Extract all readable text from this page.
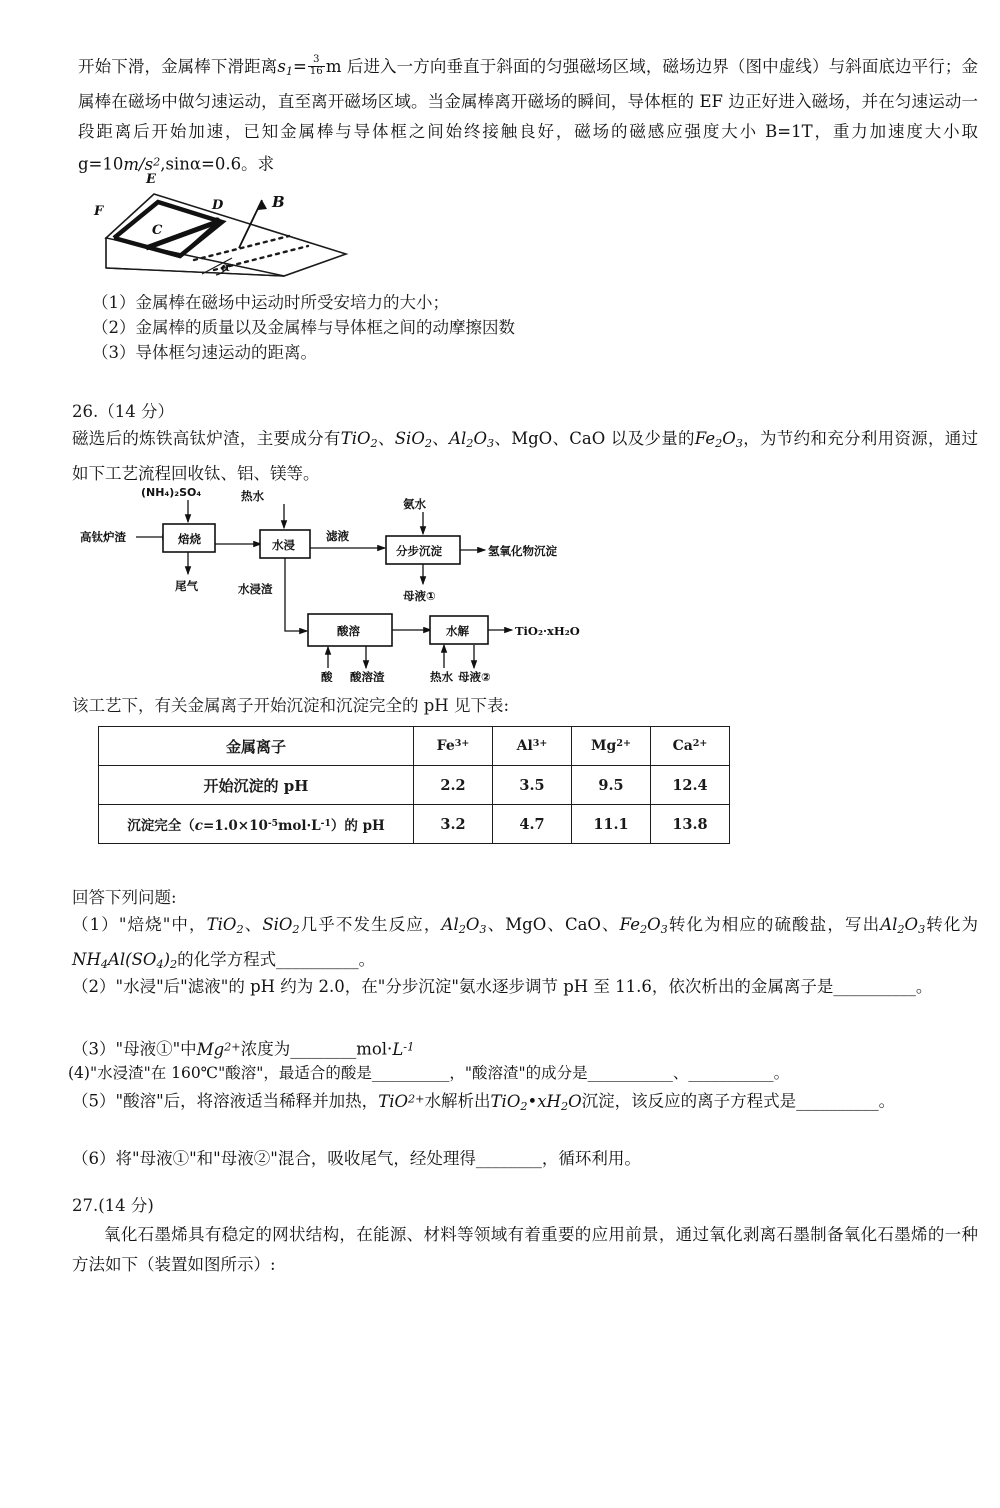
开始下滑，金属棒下滑距离$s_1= \frac{3}{16}$ m 后进入一方向垂直于斜面的匀强磁场区域，磁场边界（图中虚线）与斜面底边平行；金属棒在磁场中做匀速运动，直至离开磁场区域。当金属棒离开磁场的瞬间，导体框的 EF 边正好进入磁场，并在匀速运动一段距离后开始加速，已知金属棒与导体框之间始终接触良好，磁场的磁感应强度大小 B=1T，重力加速度大小取 $g=10m/s^2,\sin\alpha=0.6$。求
E
F	D
C
B
α
（1）金属棒在磁场中运动时所受安培力的大小；
（2）金属棒的质量以及金属棒与导体框之间的动摩擦因数
（3）导体框匀速运动的距离。
26.（14 分）
磁选后的炼铁高钛炉渣，主要成分有TiO$_2$、SiO$_2$、$Al_2O_3$、MgO、CaO 以及少量的$Fe_2O_3$，为节约和充分利用资源，通过如下工艺流程回收钛、铝、镁等。
高钛炉渣
(NH₄)₂SO₄
焙烧
尾气
热水
水浸
滤液
水浸渣
氨水
分步沉淀	氢氧化物沉淀
母液①
酸溶
酸 酸溶渣
水解
热水 母液②
TiO₂·xH₂O
该工艺下，有关金属离子开始沉淀和沉淀完全的 pH 见下表:
金属离子	$Fe^{3+}$	$Al^{3+}$	$Mg^{2+}$	$Ca^{2+}$
开始沉淀的 pH	2.2	3.5	9.5	12.4
沉淀完全$(c=1.0\times 10^{-5}mol\cdot L^{-1})$的 pH	3.2	4.7	11.1	13.8
回答下列问题:
（1）"焙烧"中，TiO$_2$、SiO$_2$几乎不发生反应，$Al_2O_3$、MgO、CaO、$Fe_2O_3$转化为相应的硫酸盐，写出$Al_2O_3$转化为$NH_4Al(SO_4)_2$的化学方程式__________。
（2）"水浸"后"滤液"的 pH 约为 2.0，在"分步沉淀"氨水逐步调节 pH 至 11.6，依次析出的金属离子是__________。
（3）"母液①"中$Mg^{2+}$浓度为$\_\_\_\_\_\_\_\_mol\cdot L^{-1}$
(4)"水浸渣"在 160℃"酸溶"，最适合的酸是__________，"酸溶渣"的成分是___________、___________。
（5）"酸溶"后，将溶液适当稀释并加热，TiO$^{2+}$水解析出$TiO_2•xH_2O$沉淀，该反应的离子方程式是__________。
（6）将"母液①"和"母液②"混合，吸收尾气，经处理得________，循环利用。
27.(14 分)
氧化石墨烯具有稳定的网状结构，在能源、材料等领域有着重要的应用前景，通过氧化剥离石墨制备氧化石墨烯的一种方法如下（装置如图所示）:
